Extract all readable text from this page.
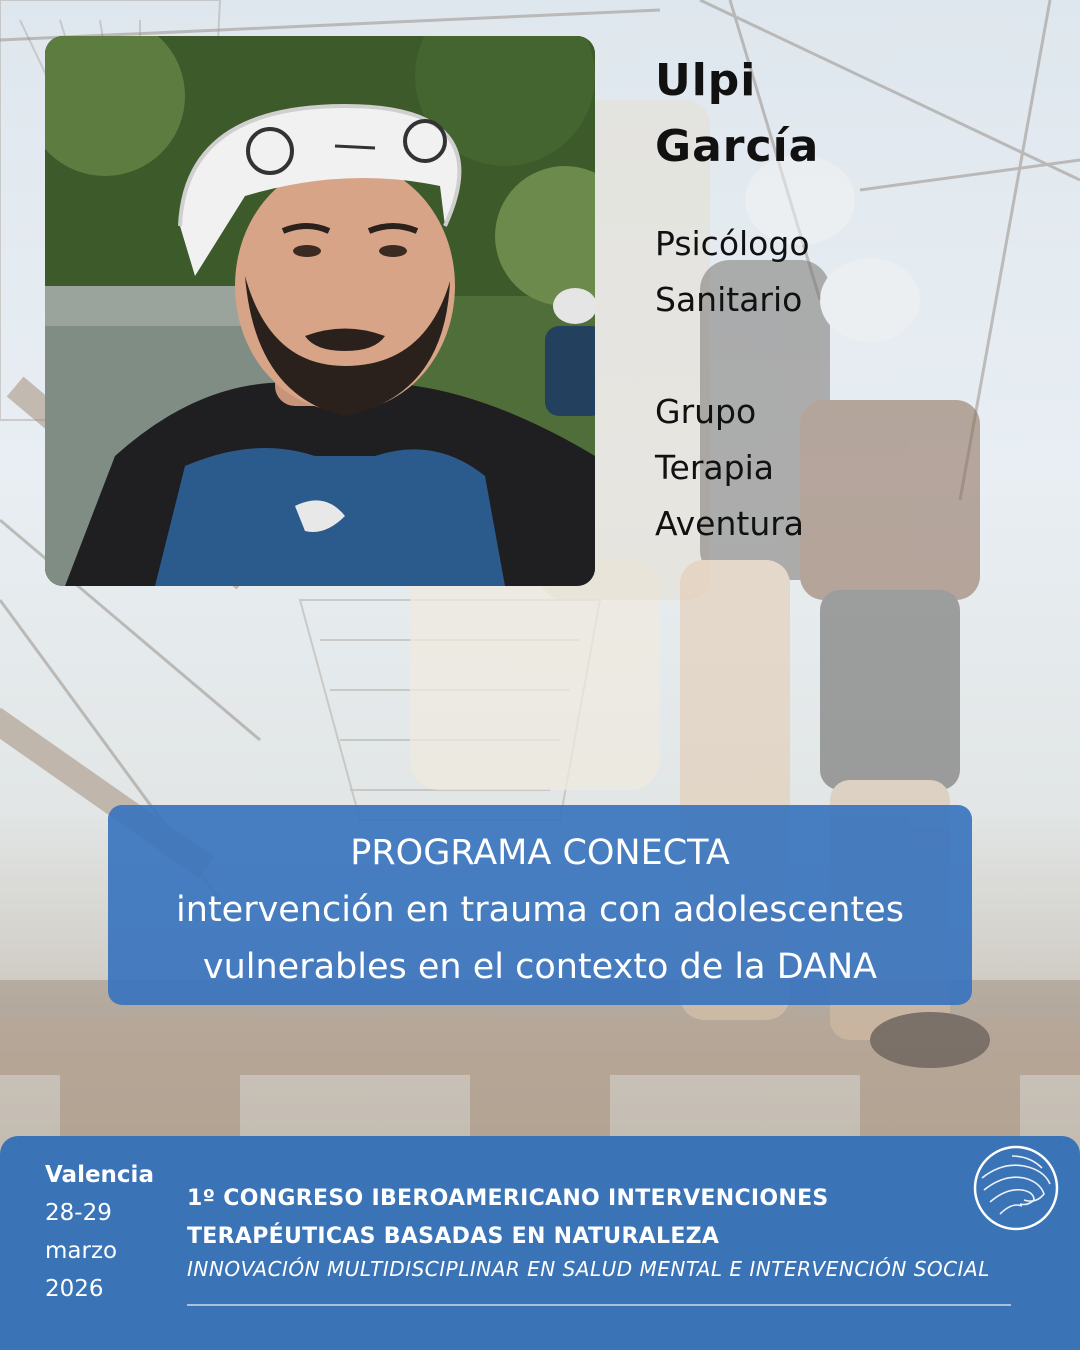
Ulpi
García
Psicólogo
Sanitario
Grupo
Terapia
Aventura
PROGRAMA CONECTA
intervención en trauma con adolescentes
vulnerables en el contexto de la DANA
Valencia
28-29
marzo
2026
1º CONGRESO IBEROAMERICANO INTERVENCIONES
TERAPÉUTICAS BASADAS EN NATURALEZA
INNOVACIÓN MULTIDISCIPLINAR EN SALUD MENTAL E INTERVENCIÓN SOCIAL
